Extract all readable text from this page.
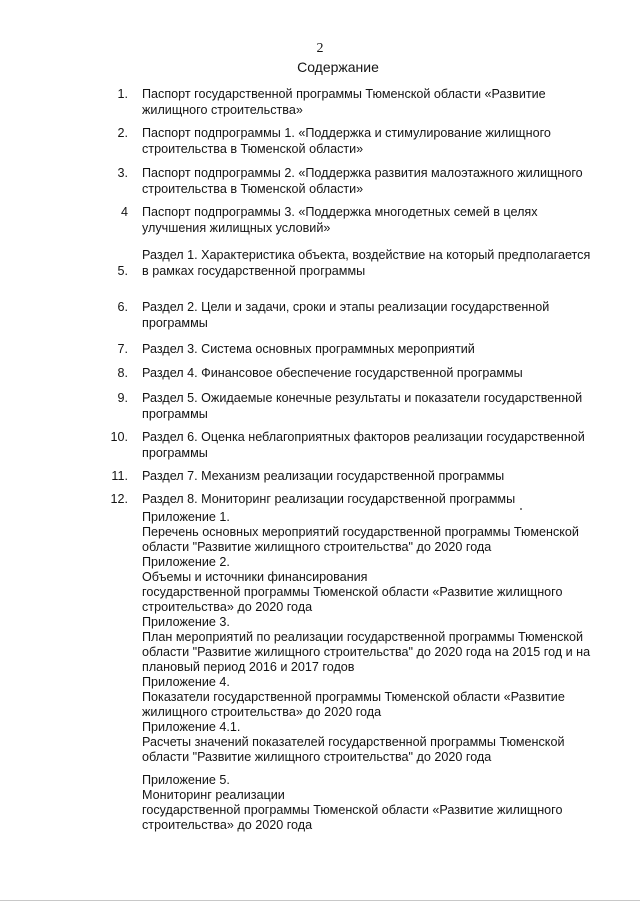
2
Содержание
1. Паспорт государственной программы Тюменской области «Развитие
жилищного строительства»
2. Паспорт подпрограммы 1. «Поддержка и стимулирование жилищного
строительства в Тюменской области»
3. Паспорт подпрограммы 2. «Поддержка развития малоэтажного жилищного
строительства в Тюменской области»
4 Паспорт подпрограммы 3. «Поддержка многодетных семей в целях
улучшения жилищных условий»
5.
Раздел 1. Характеристика объекта, воздействие на который предполагается
в рамках государственной программы
6. Раздел 2. Цели и задачи, сроки и этапы реализации государственной
программы
7. Раздел 3. Система основных программных мероприятий
8. Раздел 4. Финансовое обеспечение государственной программы
9. Раздел 5. Ожидаемые конечные результаты и показатели государственной
программы
10. Раздел 6. Оценка неблагоприятных факторов реализации государственной
программы
11. Раздел 7. Механизм реализации государственной программы
12. Раздел 8. Мониторинг реализации государственной программы
Приложение 1.
Перечень основных мероприятий государственной программы Тюменской
области "Развитие жилищного строительства" до 2020 года
Приложение 2.
Объемы и источники финансирования
государственной программы Тюменской области «Развитие жилищного
строительства» до 2020 года
Приложение 3.
План мероприятий по реализации государственной программы Тюменской
области "Развитие жилищного строительства" до 2020 года на 2015 год и на
плановый период 2016 и 2017 годов
Приложение 4.
Показатели государственной программы Тюменской области «Развитие
жилищного строительства» до 2020 года
Приложение 4.1.
Расчеты значений показателей государственной программы Тюменской
области "Развитие жилищного строительства" до 2020 года
Приложение 5.
Мониторинг реализации
государственной программы Тюменской области «Развитие жилищного
строительства» до 2020 года
